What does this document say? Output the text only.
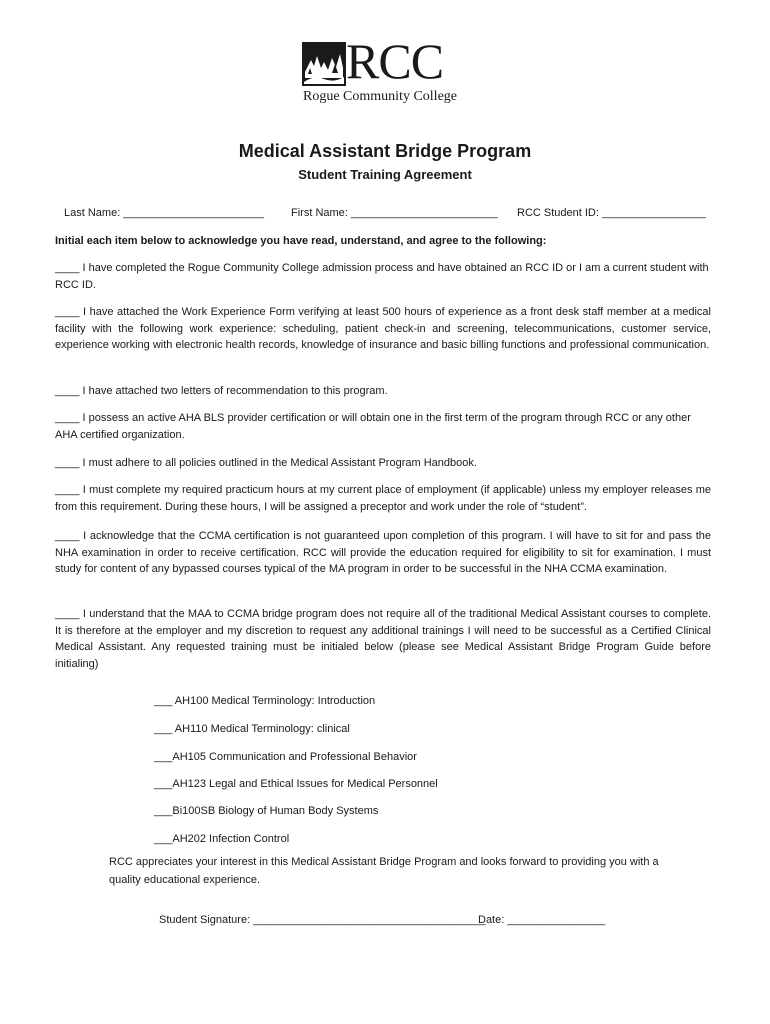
RCC
Rogue Community College
Medical Assistant Bridge Program
Student Training Agreement
Last Name: _______________________ First Name: ________________________ RCC Student ID: _________________
Initial each item below to acknowledge you have read, understand, and agree to the following:
____ I have completed the Rogue Community College admission process and have obtained an RCC ID or I am a current student with RCC ID.
____ I have attached the Work Experience Form verifying at least 500 hours of experience as a front desk staff member at a medical facility with the following work experience: scheduling, patient check-in and screening, telecommunications, customer service, experience working with electronic health records, knowledge of insurance and basic billing functions and professional communication.
____ I have attached two letters of recommendation to this program.
____ I possess an active AHA BLS provider certification or will obtain one in the first term of the program through RCC or any other AHA certified organization.
____ I must adhere to all policies outlined in the Medical Assistant Program Handbook.
____ I must complete my required practicum hours at my current place of employment (if applicable) unless my employer releases me from this requirement. During these hours, I will be assigned a preceptor and work under the role of “student”.
____ I acknowledge that the CCMA certification is not guaranteed upon completion of this program. I will have to sit for and pass the NHA examination in order to receive certification. RCC will provide the education required for eligibility to sit for examination. I must study for content of any bypassed courses typical of the MA program in order to be successful in the NHA CCMA examination.
____ I understand that the MAA to CCMA bridge program does not require all of the traditional Medical Assistant courses to complete. It is therefore at the employer and my discretion to request any additional trainings I will need to be successful as a Certified Clinical Medical Assistant. Any requested training must be initialed below (please see Medical Assistant Bridge Program Guide before initialing)
___ AH100 Medical Terminology: Introduction
___ AH110 Medical Terminology: clinical
___AH105 Communication and Professional Behavior
___AH123 Legal and Ethical Issues for Medical Personnel
___Bi100SB Biology of Human Body Systems
___AH202 Infection Control
RCC appreciates your interest in this Medical Assistant Bridge Program and looks forward to providing you with a quality educational experience.
Student Signature: ______________________________________
Date: ________________
